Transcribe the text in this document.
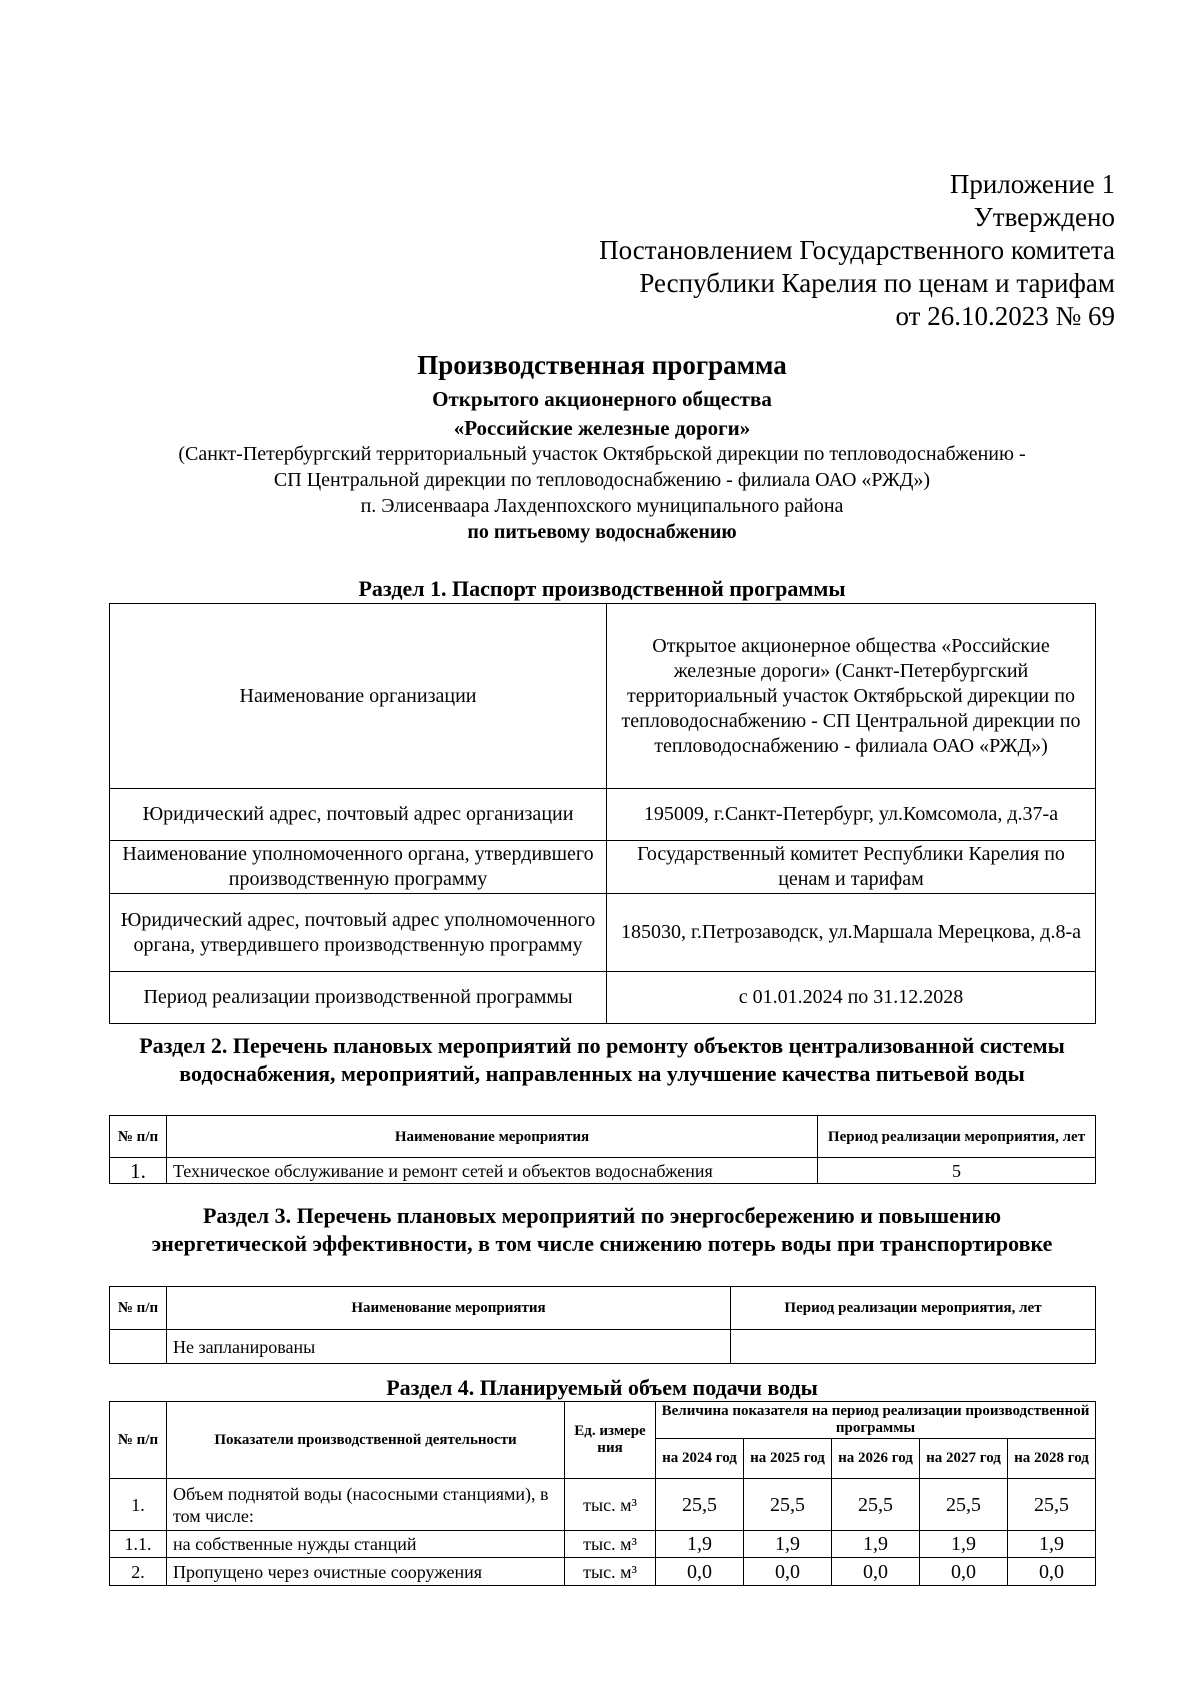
Приложение 1
Утверждено
Постановлением Государственного комитета
Республики Карелия по ценам и тарифам
от 26.10.2023 № 69
Производственная программа
Открытого акционерного общества
«Российские железные дороги»
(Санкт-Петербургский территориальный участок Октябрьской дирекции по тепловодоснабжению -
СП Центральной дирекции по тепловодоснабжению - филиала ОАО «РЖД»)
п. Элисенваара Лахденпохского муниципального района
по питьевому водоснабжению
Раздел 1. Паспорт производственной программы
Наименование организации	Открытое акционерное общества «Российские железные дороги» (Санкт-Петербургский территориальный участок Октябрьской дирекции по тепловодоснабжению - СП Центральной дирекции по тепловодоснабжению - филиала ОАО «РЖД»)
Юридический адрес, почтовый адрес организации	195009, г.Санкт-Петербург, ул.Комсомола, д.37-а
Наименование уполномоченного органа, утвердившего производственную программу	Государственный комитет Республики Карелия по ценам и тарифам
Юридический адрес, почтовый адрес уполномоченного органа, утвердившего производственную программу	185030, г.Петрозаводск, ул.Маршала Мерецкова, д.8-а
Период реализации производственной программы	с 01.01.2024 по 31.12.2028
Раздел 2. Перечень плановых мероприятий по ремонту объектов централизованной системы водоснабжения, мероприятий, направленных на улучшение качества питьевой воды
№ п/п	Наименование мероприятия	Период реализации мероприятия, лет
1.	Техническое обслуживание и ремонт сетей и объектов водоснабжения	5
Раздел 3. Перечень плановых мероприятий по энергосбережению и повышению энергетической эффективности, в том числе снижению потерь воды при транспортировке
№ п/п	Наименование мероприятия	Период реализации мероприятия, лет
	Не запланированы	
Раздел 4. Планируемый объем подачи воды
№ п/п	Показатели производственной деятельности	Ед. измере ния	Величина показателя на период реализации производственной программы				
			на 2024 год	на 2025 год	на 2026 год	на 2027 год	на 2028 год
1.	Объем поднятой воды (насосными станциями), в том числе:	тыс. м³	25,5	25,5	25,5	25,5	25,5
1.1.	на собственные нужды станций	тыс. м³	1,9	1,9	1,9	1,9	1,9
2.	Пропущено через очистные сооружения	тыс. м³	0,0	0,0	0,0	0,0	0,0
